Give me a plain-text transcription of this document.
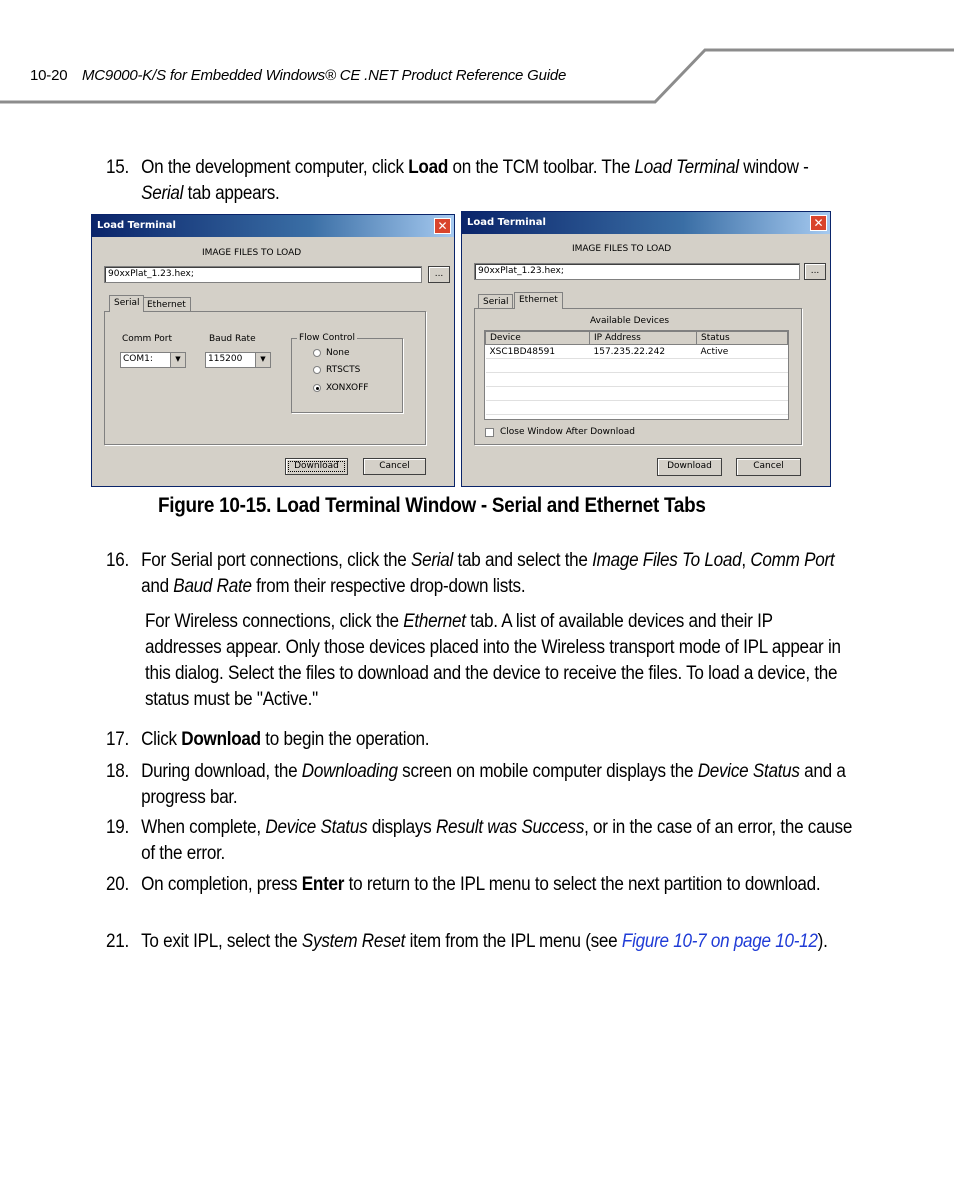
10-20 MC9000-K/S for Embedded Windows® CE .NET Product Reference Guide
15. On the development computer, click Load on the TCM toolbar. The Load Terminal window - Serial tab appears.
Load Terminal	✕
IMAGE FILES TO LOAD
90xxPlat_1.23.hex;	...
Serial Ethernet
Comm Port
COM1:	▼
Baud Rate
115200	▼
Flow Control
None
RTSCTS
XONXOFF
Download	Cancel
Load Terminal	✕
IMAGE FILES TO LOAD
90xxPlat_1.23.hex;	...
Serial	Ethernet
Available Devices
Device	IP Address	Status
XSC1BD48591	157.235.22.242	Active

Close Window After Download
Download	Cancel
Figure 10-15. Load Terminal Window - Serial and Ethernet Tabs
16. For Serial port connections, click the Serial tab and select the Image Files To Load, Comm Port and Baud Rate from their respective drop-down lists.
For Wireless connections, click the Ethernet tab. A list of available devices and their IP addresses appear. Only those devices placed into the Wireless transport mode of IPL appear in this dialog. Select the files to download and the device to receive the files. To load a device, the status must be "Active."
17. Click Download to begin the operation.
18. During download, the Downloading screen on mobile computer displays the Device Status and a progress bar.
19. When complete, Device Status displays Result was Success, or in the case of an error, the cause of the error.
20. On completion, press Enter to return to the IPL menu to select the next partition to download.
21. To exit IPL, select the System Reset item from the IPL menu (see Figure 10-7 on page 10-12).
